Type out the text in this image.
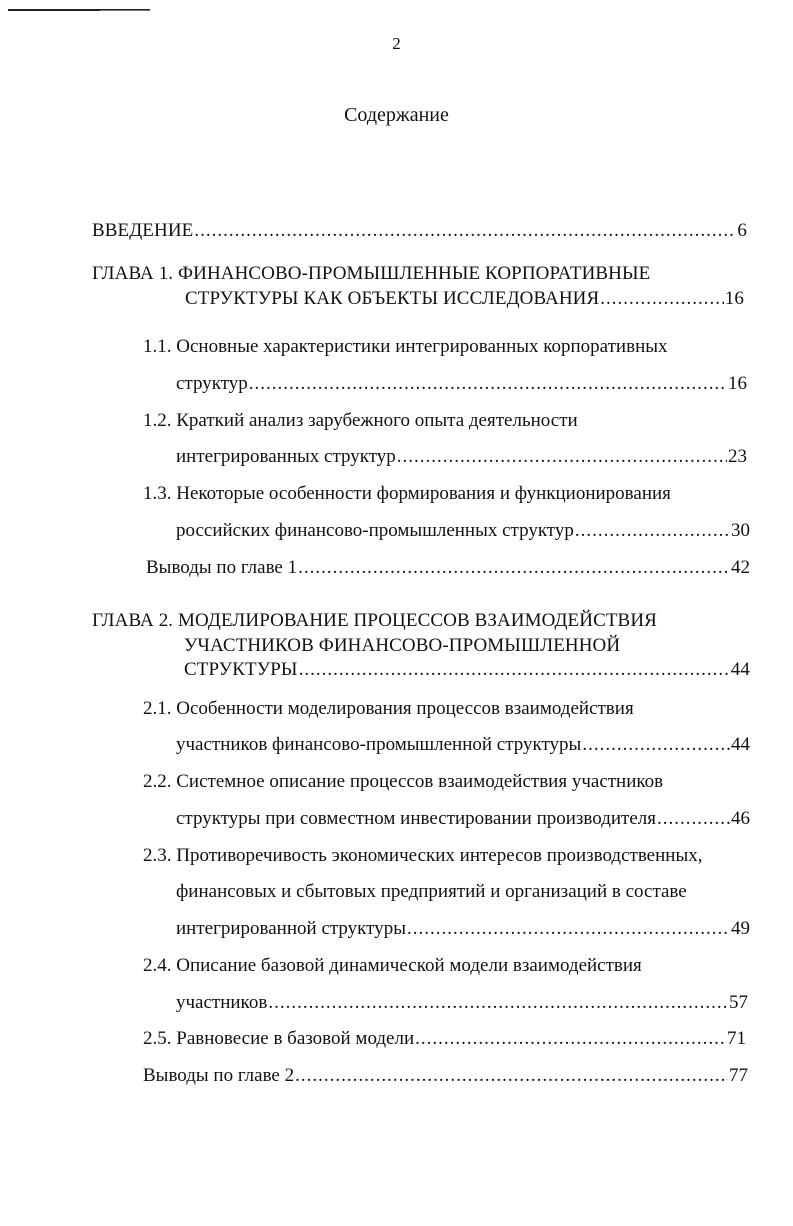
2
Содержание
ВВЕДЕНИЕ .....	6
ГЛАВА 1. ФИНАНСОВО-ПРОМЫШЛЕННЫЕ КОРПОРАТИВНЫЕ
СТРУКТУРЫ КАК ОБЪЕКТЫ ИССЛЕДОВАНИЯ .....	16
1.1. Основные характеристики интегрированных корпоративных
структур .....	16
1.2. Краткий анализ зарубежного опыта деятельности
интегрированных структур .....	23
1.3. Некоторые особенности формирования и функционирования
российских финансово-промышленных структур .....	30
Выводы по главе 1 .....	42
ГЛАВА 2. МОДЕЛИРОВАНИЕ ПРОЦЕССОВ ВЗАИМОДЕЙСТВИЯ
УЧАСТНИКОВ ФИНАНСОВО-ПРОМЫШЛЕННОЙ
СТРУКТУРЫ .....	44
2.1. Особенности моделирования процессов взаимодействия
участников финансово-промышленной структуры .....	44
2.2. Системное описание процессов взаимодействия участников
структуры при совместном инвестировании производителя .....	46
2.3. Противоречивость экономических интересов производственных,
финансовых и сбытовых предприятий и организаций в составе
интегрированной структуры .....	49
2.4. Описание базовой динамической модели взаимодействия
участников .....	57
2.5. Равновесие в базовой модели .....	71
Выводы по главе 2 .....	77
